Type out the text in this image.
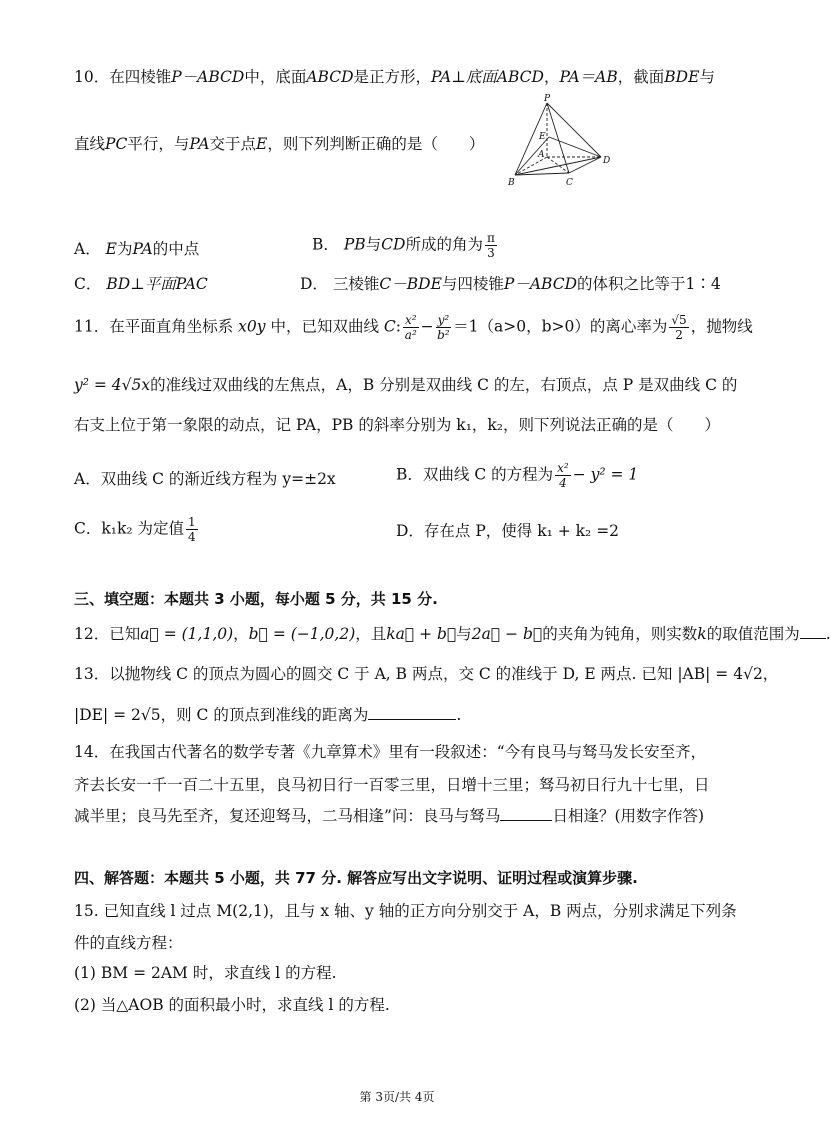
10．在四棱锥P－ABCD中，底面ABCD是正方形，PA⊥底面ABCD，PA＝AB，截面BDE与
直线PC平行，与PA交于点E，则下列判断正确的是（　　）
P
E
A
D
B	C
A． E为PA的中点	B． PB与CD所成的角为 $\frac{\pi}{3}$
C． BD⊥平面PAC	D． 三棱锥C－BDE与四棱锥P－ABCD的体积之比等于1∶4
11．在平面直角坐标系 x0y 中，已知双曲线 C: $\frac{\text{x²}}{\text{a²}} - \frac{\text{y²}}{\text{b²}} =1(a>0$，b>0）的离心率为 $\frac{√5}{2}$ ，抛物线
y² = 4√5x的准线过双曲线的左焦点，A，B 分别是双曲线 C 的左，右顶点，点 P 是双曲线 C 的
右支上位于第一象限的动点，记 PA，PB 的斜率分别为 k₁，k₂，则下列说法正确的是（　　）
A．双曲线 C 的渐近线方程为 y=±2x	B．双曲线 C 的方程为 $\frac{\text{x²}}{4} - y^2 = 1$
C．k₁k₂ 为定值 $\frac{1}{4}$	D．存在点 P，使得 k₁ + k₂ =2
三、填空题：本题共 3 小题，每小题 5 分，共 15 分.
12．已知a⃗ = (1,1,0)，b⃗ = (−1,0,2)，且ka⃗ + b⃗与2a⃗ − b⃗的夹角为钝角，则实数k的取值范围为 .
13．以抛物线 C 的顶点为圆心的圆交 C 于 A, B 两点，交 C 的准线于 D, E 两点. 已知 |AB| = 4√2，
|DE| = 2√5，则 C 的顶点到准线的距离为	.
14．在我国古代著名的数学专著《九章算术》里有一段叙述：“今有良马与驽马发长安至齐，
齐去长安一千一百二十五里，良马初日行一百零三里，日增十三里；驽马初日行九十七里，日
减半里；良马先至齐，复还迎驽马，二马相逢”问：良马与驽马	日相逢？(用数字作答)
四、解答题：本题共 5 小题，共 77 分. 解答应写出文字说明、证明过程或演算步骤.
15. 已知直线 l 过点 M(2,1)，且与 x 轴、y 轴的正方向分别交于 A，B 两点，分别求满足下列条
件的直线方程：
(1) BM = 2AM 时，求直线 l 的方程.
(2) 当△AOB 的面积最小时，求直线 l 的方程.
第 3页/共 4页
